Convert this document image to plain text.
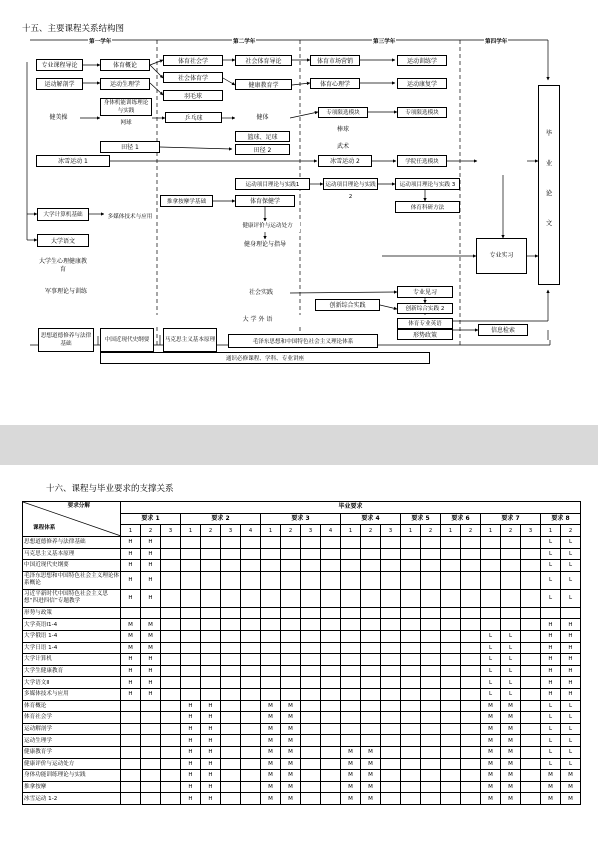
十五、主要课程关系结构图
专业课程导论	体育概论
体育社会学	社会体育导论	体育市场营销	运动训练学
运动解剖学	运动生理学
社会体育学
健康教育学	体育心理学	运动康复学
羽毛球
身体机能训练理论与实践
网球
健美操	乒乓球	健体
专项限选模块	专项限选模块
棒球
篮球、足球
武术
田径 1	田径 2
冰雪运动 1	冰雪运动 2	学院任选模块
运动项目理论与实践1	运动项目理论与实践 2
运动项目理论与实践 3
推拿按摩学基础	体育保健学
体育科研方法
大学计算机基础	多媒体技术与应用
健康评价与运动处方
健身理论与指导
大学语文
大学生心理健康教育
军事理论与训练
专业实习
社会实践	专业见习
创新综合实践	创新综合实践 2
大 学 外 语
体育专业英语
形势政策
信息检索
思想道德修养与法律基础
中国近现代史纲要	马克思主义基本原理	毛泽东思想和中国特色社会主义理论体系
通识必修课程、学科、专业讲座
毕
业
论
文
第一学年	第二学年	第三学年	第四学年
十六、课程与毕业要求的支撑关系
要求分解
课程体系	毕业要求																						
	要求 1			要求 2				要求 3				要求 4			要求 5		要求 6		要求 7			要求 8	
	1	2	3	1	2	3	4	1	2	3	4	1	2	3	1	2	1	2	1	2	3	1	2
思想道德修养与法律基础	H	H																				L	L
马克思主义基本原理	H	H																				L	L
中国近现代史纲要	H	H																				L	L
毛泽东思想和中国特色社会主义理论体系概论	H	H																				L	L
习近平新时代中国特色社会主义思想“四进四信”专题教学	H	H																				L	L
形势与政策																							
大学英语Ⅰ1-4	M	M																				H	H
大学俄语 1-4	M	M																	L	L		H	H
大学日语 1-4	M	M																	L	L		H	H
大学计算机	H	H																	L	L		H	H
大学生健康教育	H	H																	L	L		H	H
大学语文Ⅱ	H	H																	L	L		H	H
多媒体技术与应用	H	H																	L	L		H	H
体育概论				H	H			M	M										M	M		L	L
体育社会学				H	H			M	M										M	M		L	L
运动解剖学				H	H			M	M										M	M		L	L
运动生理学				H	H			M	M										M	M		L	L
健康教育学				H	H			M	M			M	M						M	M		L	L
健康评价与运动处方				H	H			M	M			M	M						M	M		L	L
身体功能训练理论与实践				H	H			M	M			M	M						M	M		M	M
推拿按摩				H	H			M	M			M	M						M	M		M	M
冰雪运动 1-2				H	H			M	M			M	M						M	M		M	M
